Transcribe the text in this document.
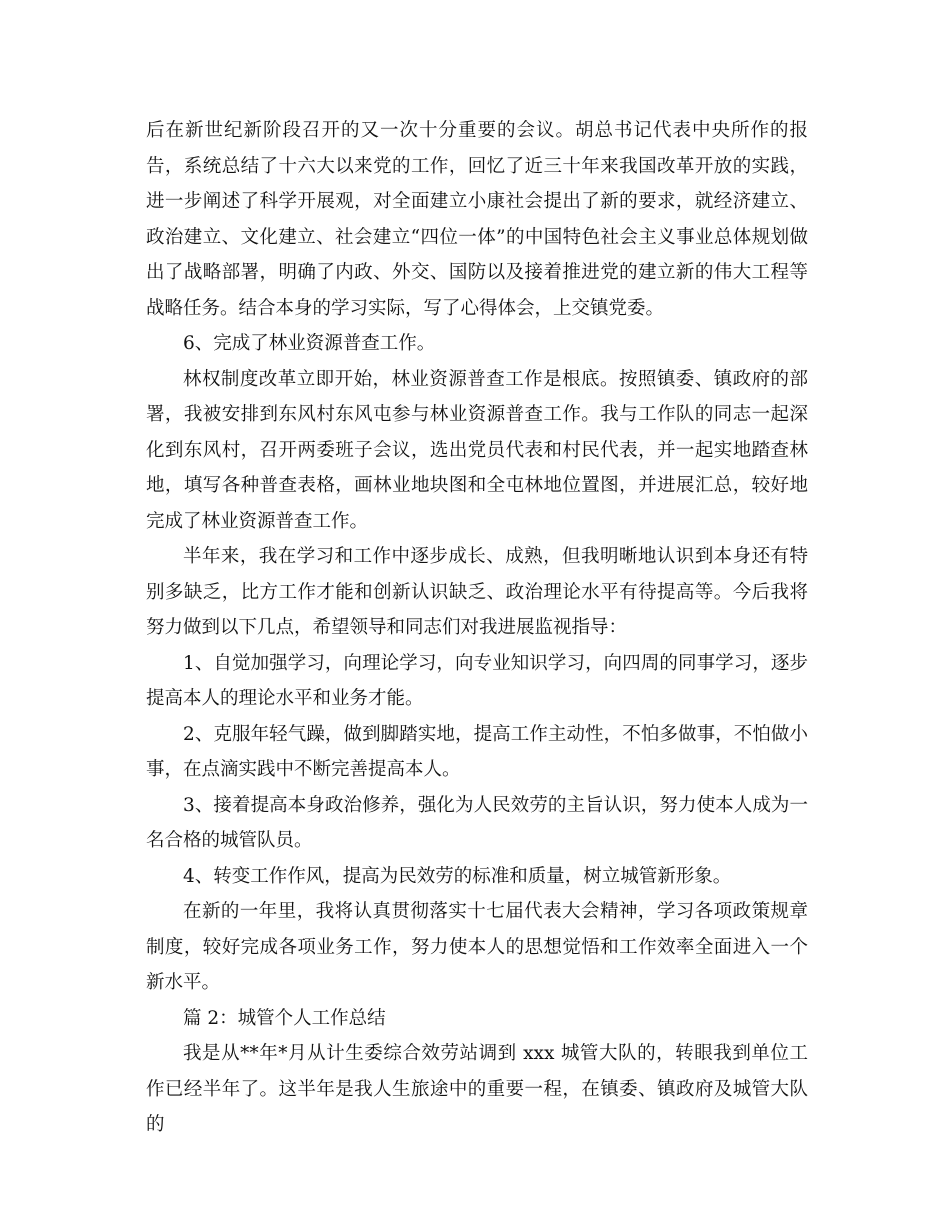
后在新世纪新阶段召开的又一次十分重要的会议。胡总书记代表中央所作的报告，系统总结了十六大以来党的工作，回忆了近三十年来我国改革开放的实践，进一步阐述了科学开展观，对全面建立小康社会提出了新的要求，就经济建立、政治建立、文化建立、社会建立“四位一体”的中国特色社会主义事业总体规划做出了战略部署，明确了内政、外交、国防以及接着推进党的建立新的伟大工程等战略任务。结合本身的学习实际，写了心得体会，上交镇党委。

6、完成了林业资源普查工作。

林权制度改革立即开始，林业资源普查工作是根底。按照镇委、镇政府的部署，我被安排到东风村东风屯参与林业资源普查工作。我与工作队的同志一起深化到东风村，召开两委班子会议，选出党员代表和村民代表，并一起实地踏查林地，填写各种普查表格，画林业地块图和全屯林地位置图，并进展汇总，较好地完成了林业资源普查工作。

半年来，我在学习和工作中逐步成长、成熟，但我明晰地认识到本身还有特别多缺乏，比方工作才能和创新认识缺乏、政治理论水平有待提高等。今后我将努力做到以下几点，希望领导和同志们对我进展监视指导：

1、自觉加强学习，向理论学习，向专业知识学习，向四周的同事学习，逐步提高本人的理论水平和业务才能。

2、克服年轻气躁，做到脚踏实地，提高工作主动性，不怕多做事，不怕做小事，在点滴实践中不断完善提高本人。

3、接着提高本身政治修养，强化为人民效劳的主旨认识，努力使本人成为一名合格的城管队员。

4、转变工作作风，提高为民效劳的标准和质量，树立城管新形象。

在新的一年里，我将认真贯彻落实十七届代表大会精神，学习各项政策规章制度，较好完成各项业务工作，努力使本人的思想觉悟和工作效率全面进入一个新水平。

篇 2：城管个人工作总结

我是从**年*月从计生委综合效劳站调到 xxx 城管大队的，转眼我到单位工作已经半年了。这半年是我人生旅途中的重要一程，在镇委、镇政府及城管大队的
